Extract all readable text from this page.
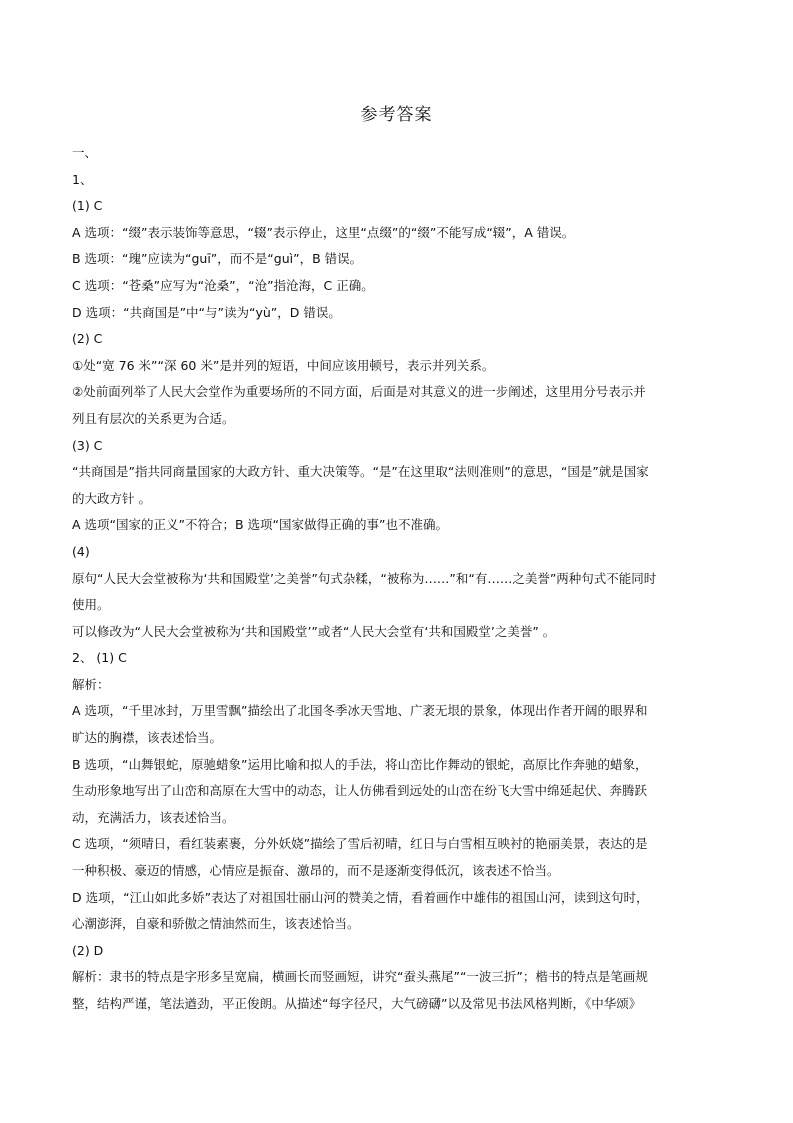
参考答案

一、

1、

(1) C

A 选项：“缀”表示装饰等意思，“辍”表示停止，这里“点缀”的“缀”不能写成“辍”，A 错误。

B 选项：“瑰”应读为“guī”，而不是“guì”，B 错误。

C 选项：“苍桑”应写为“沧桑”，“沧”指沧海，C 正确。

D 选项：“共商国是”中“与”读为“yù”，D 错误。

(2) C

①处“宽 76 米”“深 60 米”是并列的短语，中间应该用顿号，表示并列关系。

②处前面列举了人民大会堂作为重要场所的不同方面，后面是对其意义的进一步阐述，这里用分号表示并

列且有层次的关系更为合适。

(3) C

“共商国是”指共同商量国家的大政方针、重大决策等。“是”在这里取“法则准则”的意思，“国是”就是国家

的大政方针 。

A 选项“国家的正义”不符合；B 选项“国家做得正确的事”也不准确。

(4)

原句“人民大会堂被称为‘共和国殿堂’之美誉”句式杂糅，“被称为……”和“有……之美誉”两种句式不能同时

使用。

可以修改为“人民大会堂被称为‘共和国殿堂’”或者“人民大会堂有‘共和国殿堂’之美誉” 。

2、 (1) C

解析：

A 选项，“千里冰封，万里雪飘”描绘出了北国冬季冰天雪地、广袤无垠的景象，体现出作者开阔的眼界和

旷达的胸襟，该表述恰当。

B 选项，“山舞银蛇，原驰蜡象”运用比喻和拟人的手法，将山峦比作舞动的银蛇，高原比作奔驰的蜡象，

生动形象地写出了山峦和高原在大雪中的动态，让人仿佛看到远处的山峦在纷飞大雪中绵延起伏、奔腾跃

动，充满活力，该表述恰当。

C 选项，“须晴日，看红装素裹，分外妖娆”描绘了雪后初晴，红日与白雪相互映衬的艳丽美景，表达的是

一种积极、豪迈的情感，心情应是振奋、激昂的，而不是逐渐变得低沉，该表述不恰当。

D 选项，“江山如此多娇”表达了对祖国壮丽山河的赞美之情，看着画作中雄伟的祖国山河，读到这句时，

心潮澎湃，自豪和骄傲之情油然而生，该表述恰当。

(2) D

解析：隶书的特点是字形多呈宽扁，横画长而竖画短，讲究“蚕头燕尾”“一波三折”；楷书的特点是笔画规

整，结构严谨，笔法遒劲，平正俊朗。从描述“每字径尺，大气磅礴”以及常见书法风格判断，《中华颂》
